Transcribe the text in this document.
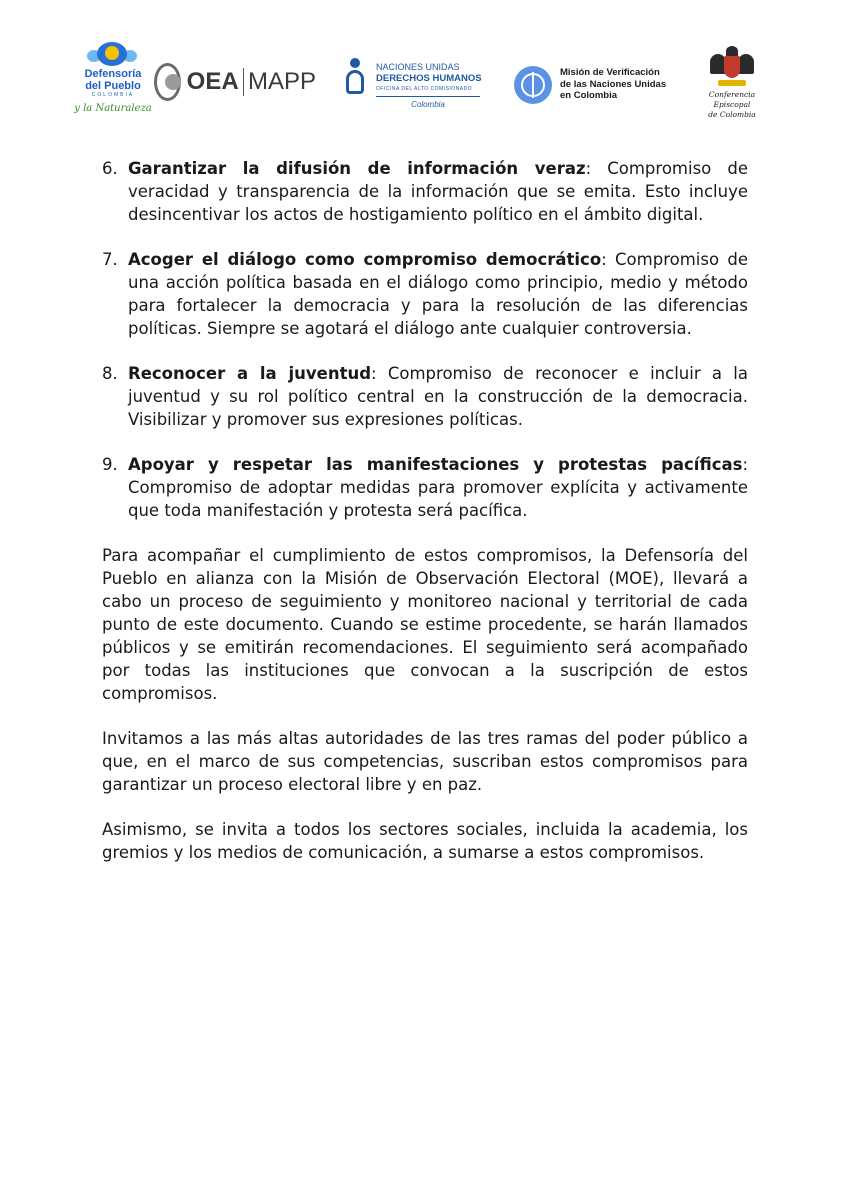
Defensoría
del Pueblo
COLOMBIA
y la Naturaleza
OEA MAPP
NACIONES UNIDAS
DERECHOS HUMANOS
OFICINA DEL ALTO COMISIONADO
Colombia
Misión de Verificación
de las Naciones Unidas
en Colombia	Conferencia Episcopal
de Colombia
6. Garantizar la difusión de información veraz: Compromiso de veracidad y transparencia de la información que se emita. Esto incluye desincentivar los actos de hostigamiento político en el ámbito digital.
7. Acoger el diálogo como compromiso democrático: Compromiso de una acción política basada en el diálogo como principio, medio y método para fortalecer la democracia y para la resolución de las diferencias políticas. Siempre se agotará el diálogo ante cualquier controversia.
8. Reconocer a la juventud: Compromiso de reconocer e incluir a la juventud y su rol político central en la construcción de la democracia. Visibilizar y promover sus expresiones políticas.
9. Apoyar y respetar las manifestaciones y protestas pacíficas: Compromiso de adoptar medidas para promover explícita y activamente que toda manifestación y protesta será pacífica.

Para acompañar el cumplimiento de estos compromisos, la Defensoría del Pueblo en alianza con la Misión de Observación Electoral (MOE), llevará a cabo un proceso de seguimiento y monitoreo nacional y territorial de cada punto de este documento. Cuando se estime procedente, se harán llamados públicos y se emitirán recomendaciones. El seguimiento será acompañado por todas las instituciones que convocan a la suscripción de estos compromisos.

Invitamos a las más altas autoridades de las tres ramas del poder público a que, en el marco de sus competencias, suscriban estos compromisos para garantizar un proceso electoral libre y en paz.

Asimismo, se invita a todos los sectores sociales, incluida la academia, los gremios y los medios de comunicación, a sumarse a estos compromisos.
